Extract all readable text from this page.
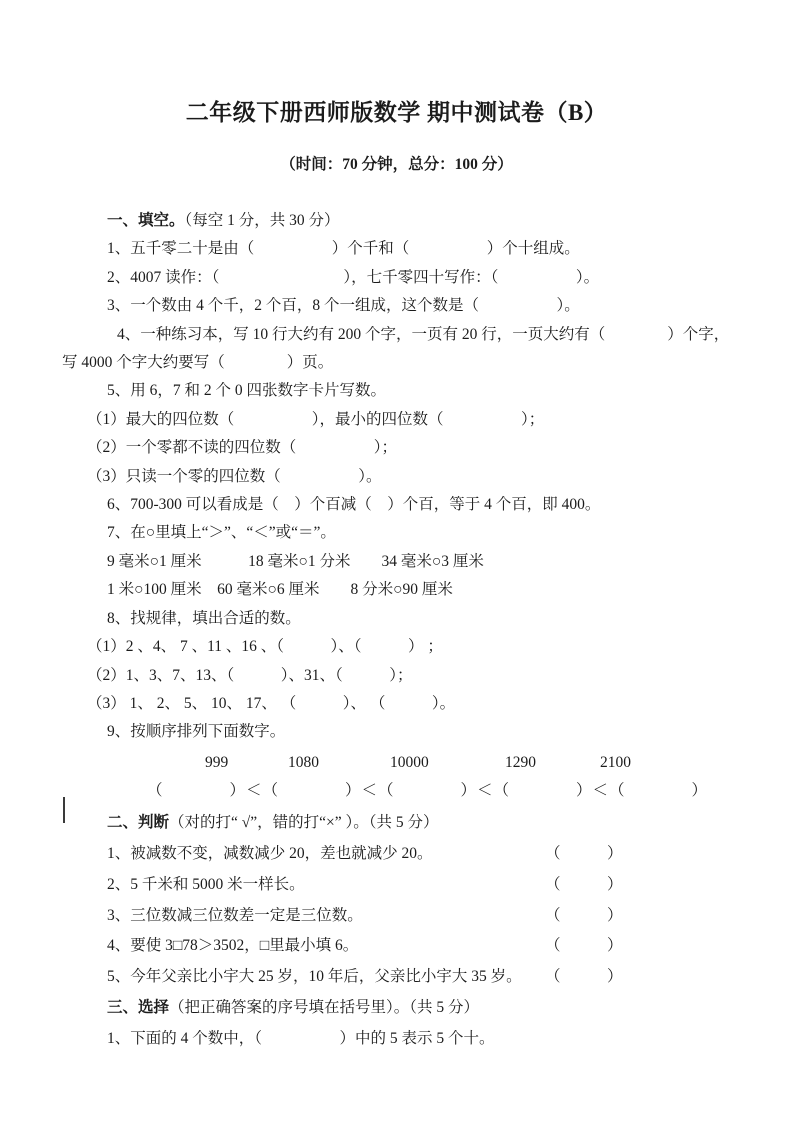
二年级下册西师版数学 期中测试卷（B）
（时间：70 分钟，总分：100 分）
一、填空。（每空 1 分，共 30 分）
1、五千零二十是由（　　　　　）个千和（　　　　　）个十组成。
2、4007 读作：（　　　　　　　　），七千零四十写作：（　　　　　）。
3、一个数由 4 个千，2 个百，8 个一组成，这个数是（　　　　　）。
4、一种练习本，写 10 行大约有 200 个字，一页有 20 行，一页大约有（　　　　）个字，
写 4000 个字大约要写（　　　　）页。
5、用 6，7 和 2 个 0 四张数字卡片写数。
（1）最大的四位数（　　　　　），最小的四位数（　　　　　）；
（2）一个零都不读的四位数（　　　　　）；
（3）只读一个零的四位数（　　　　　）。
6、700-300 可以看成是（　）个百减（　）个百，等于 4 个百，即 400。
7、在○里填上“＞”、“＜”或“＝”。
9 毫米○1 厘米　　　18 毫米○1 分米　　34 毫米○3 厘米
1 米○100 厘米　60 毫米○6 厘米　　8 分米○90 厘米
8、找规律，填出合适的数。
（1）2 、4、 7 、11 、16 、（　　　）、（　　　） ；
（2）1、3、7、13、（　　　）、31、（　　　）；
（3） 1、 2、 5、 10、 17、 （　　　）、 （　　　）。
9、按顺序排列下面数字。

999

	1080

	10000

	1290

	2100

（　　　　）＜（　　　　）＜（　　　　）＜（　　　　）＜（　　　　）
二、判断（对的打“ √”，错的打“×” ）。（共 5 分）
1、被减数不变，减数减少 20，差也就减少 20。	（　　　）
2、5 千米和 5000 米一样长。	（　　　）
3、三位数减三位数差一定是三位数。	（　　　）
4、要使 3□78＞3502，□里最小填 6。	（　　　）
5、今年父亲比小宇大 25 岁，10 年后，父亲比小宇大 35 岁。 （　　　）
三、选择（把正确答案的序号填在括号里）。（共 5 分）
1、下面的 4 个数中，（　　　　　）中的 5 表示 5 个十。
